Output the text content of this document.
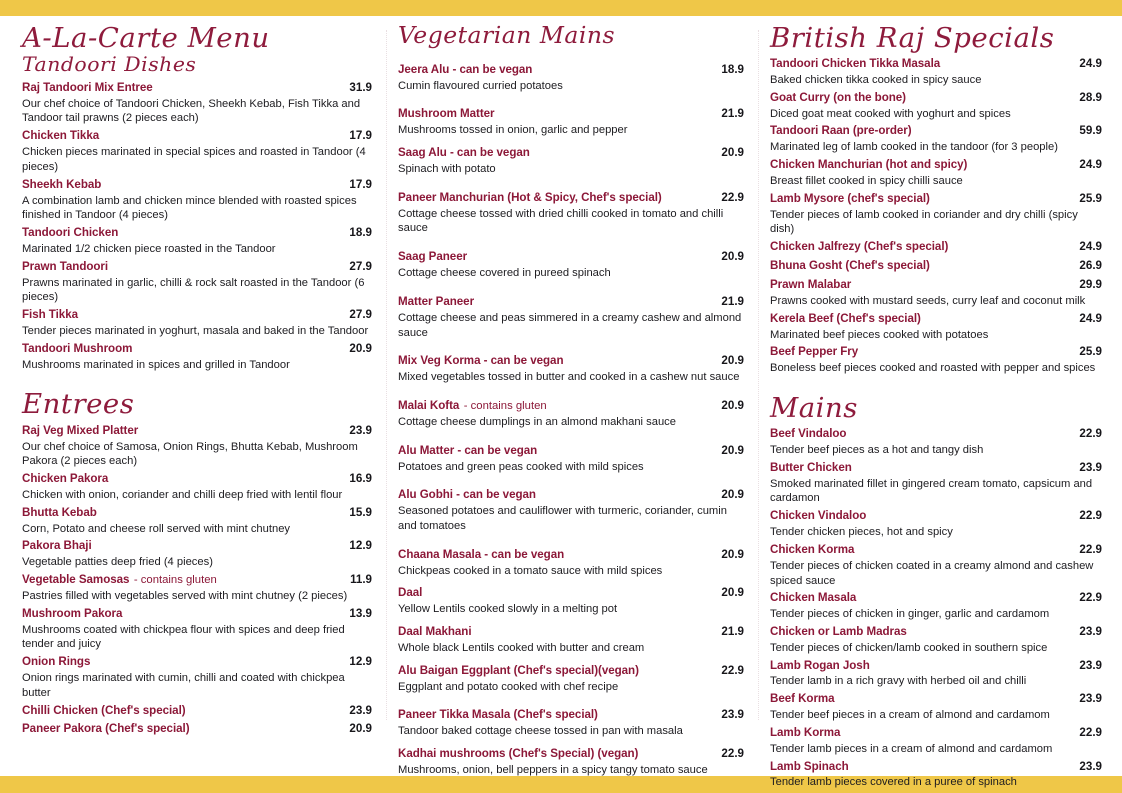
A-La-Carte Menu
Tandoori Dishes
Raj Tandoori Mix Entree	31.9
Our chef choice of Tandoori Chicken, Sheekh Kebab, Fish Tikka and Tandoor tail prawns (2 pieces each)
Chicken Tikka	17.9
Chicken pieces marinated in special spices and roasted in Tandoor (4 pieces)
Sheekh Kebab	17.9
A combination lamb and chicken mince blended with roasted spices finished in Tandoor (4 pieces)
Tandoori Chicken	18.9
Marinated 1/2 chicken piece roasted in the Tandoor
Prawn Tandoori	27.9
Prawns marinated in garlic, chilli & rock salt roasted in the Tandoor (6 pieces)
Fish Tikka	27.9
Tender pieces marinated in yoghurt, masala and baked in the Tandoor
Tandoori Mushroom	20.9
Mushrooms marinated in spices and grilled in Tandoor
Entrees
Raj Veg Mixed Platter	23.9
Our chef choice of Samosa, Onion Rings, Bhutta Kebab, Mushroom Pakora (2 pieces each)
Chicken Pakora	16.9
Chicken with onion, coriander and chilli deep fried with lentil flour
Bhutta Kebab	15.9
Corn, Potato and cheese roll served with mint chutney
Pakora Bhaji	12.9
Vegetable patties deep fried (4 pieces)
Vegetable Samosas - contains gluten	11.9
Pastries filled with vegetables served with mint chutney (2 pieces)
Mushroom Pakora	13.9
Mushrooms coated with chickpea flour with spices and deep fried tender and juicy
Onion Rings	12.9
Onion rings marinated with cumin, chilli and coated with chickpea butter
Chilli Chicken (Chef's special)	23.9
Paneer Pakora (Chef's special)	20.9
Vegetarian Mains
Jeera Alu - can be vegan	18.9
Cumin flavoured curried potatoes
Mushroom Matter	21.9
Mushrooms tossed in onion, garlic and pepper
Saag Alu - can be vegan	20.9
Spinach with potato
Paneer Manchurian (Hot & Spicy, Chef's special)	22.9
Cottage cheese tossed with dried chilli cooked in tomato and chilli sauce
Saag Paneer	20.9
Cottage cheese covered in pureed spinach
Matter Paneer	21.9
Cottage cheese and peas simmered in a creamy cashew and almond sauce
Mix Veg Korma - can be vegan	20.9
Mixed vegetables tossed in butter and cooked in a cashew nut sauce
Malai Kofta - contains gluten	20.9
Cottage cheese dumplings in an almond makhani sauce
Alu Matter - can be vegan	20.9
Potatoes and green peas cooked with mild spices
Alu Gobhi - can be vegan	20.9
Seasoned potatoes and cauliflower with turmeric, coriander, cumin and tomatoes
Chaana Masala - can be vegan	20.9
Chickpeas cooked in a tomato sauce with mild spices
Daal	20.9
Yellow Lentils cooked slowly in a melting pot
Daal Makhani	21.9
Whole black Lentils cooked with butter and cream
Alu Baigan Eggplant (Chef's special)(vegan)	22.9
Eggplant and potato cooked with chef recipe
Paneer Tikka Masala (Chef's special)	23.9
Tandoor baked cottage cheese tossed in pan with masala
Kadhai mushrooms (Chef's Special) (vegan)	22.9
Mushrooms, onion, bell peppers in a spicy tangy tomato sauce
British Raj Specials
Tandoori Chicken Tikka Masala	24.9
Baked chicken tikka cooked in spicy sauce
Goat Curry (on the bone)	28.9
Diced goat meat cooked with yoghurt and spices
Tandoori Raan (pre-order)	59.9
Marinated leg of lamb cooked in the tandoor (for 3 people)
Chicken Manchurian (hot and spicy)	24.9
Breast fillet cooked in spicy chilli sauce
Lamb Mysore (chef's special)	25.9
Tender pieces of lamb cooked in coriander and dry chilli (spicy dish)
Chicken Jalfrezy (Chef's special)	24.9
Bhuna Gosht (Chef's special)	26.9
Prawn Malabar	29.9
Prawns cooked with mustard seeds, curry leaf and coconut milk
Kerela Beef (Chef's special)	24.9
Marinated beef pieces cooked with potatoes
Beef Pepper Fry	25.9
Boneless beef pieces cooked and roasted with pepper and spices
Mains
Beef Vindaloo	22.9
Tender beef pieces as a hot and tangy dish
Butter Chicken	23.9
Smoked marinated fillet in gingered cream tomato, capsicum and cardamon
Chicken Vindaloo	22.9
Tender chicken pieces, hot and spicy
Chicken Korma	22.9
Tender pieces of chicken coated in a creamy almond and cashew spiced sauce
Chicken Masala	22.9
Tender pieces of chicken in ginger, garlic and cardamom
Chicken or Lamb Madras	23.9
Tender pieces of chicken/lamb cooked in southern spice
Lamb Rogan Josh	23.9
Tender lamb in a rich gravy with herbed oil and chilli
Beef Korma	23.9
Tender beef pieces in a cream of almond and cardamom
Lamb Korma	22.9
Tender lamb pieces in a cream of almond and cardamom
Lamb Spinach	23.9
Tender lamb pieces covered in a puree of spinach
